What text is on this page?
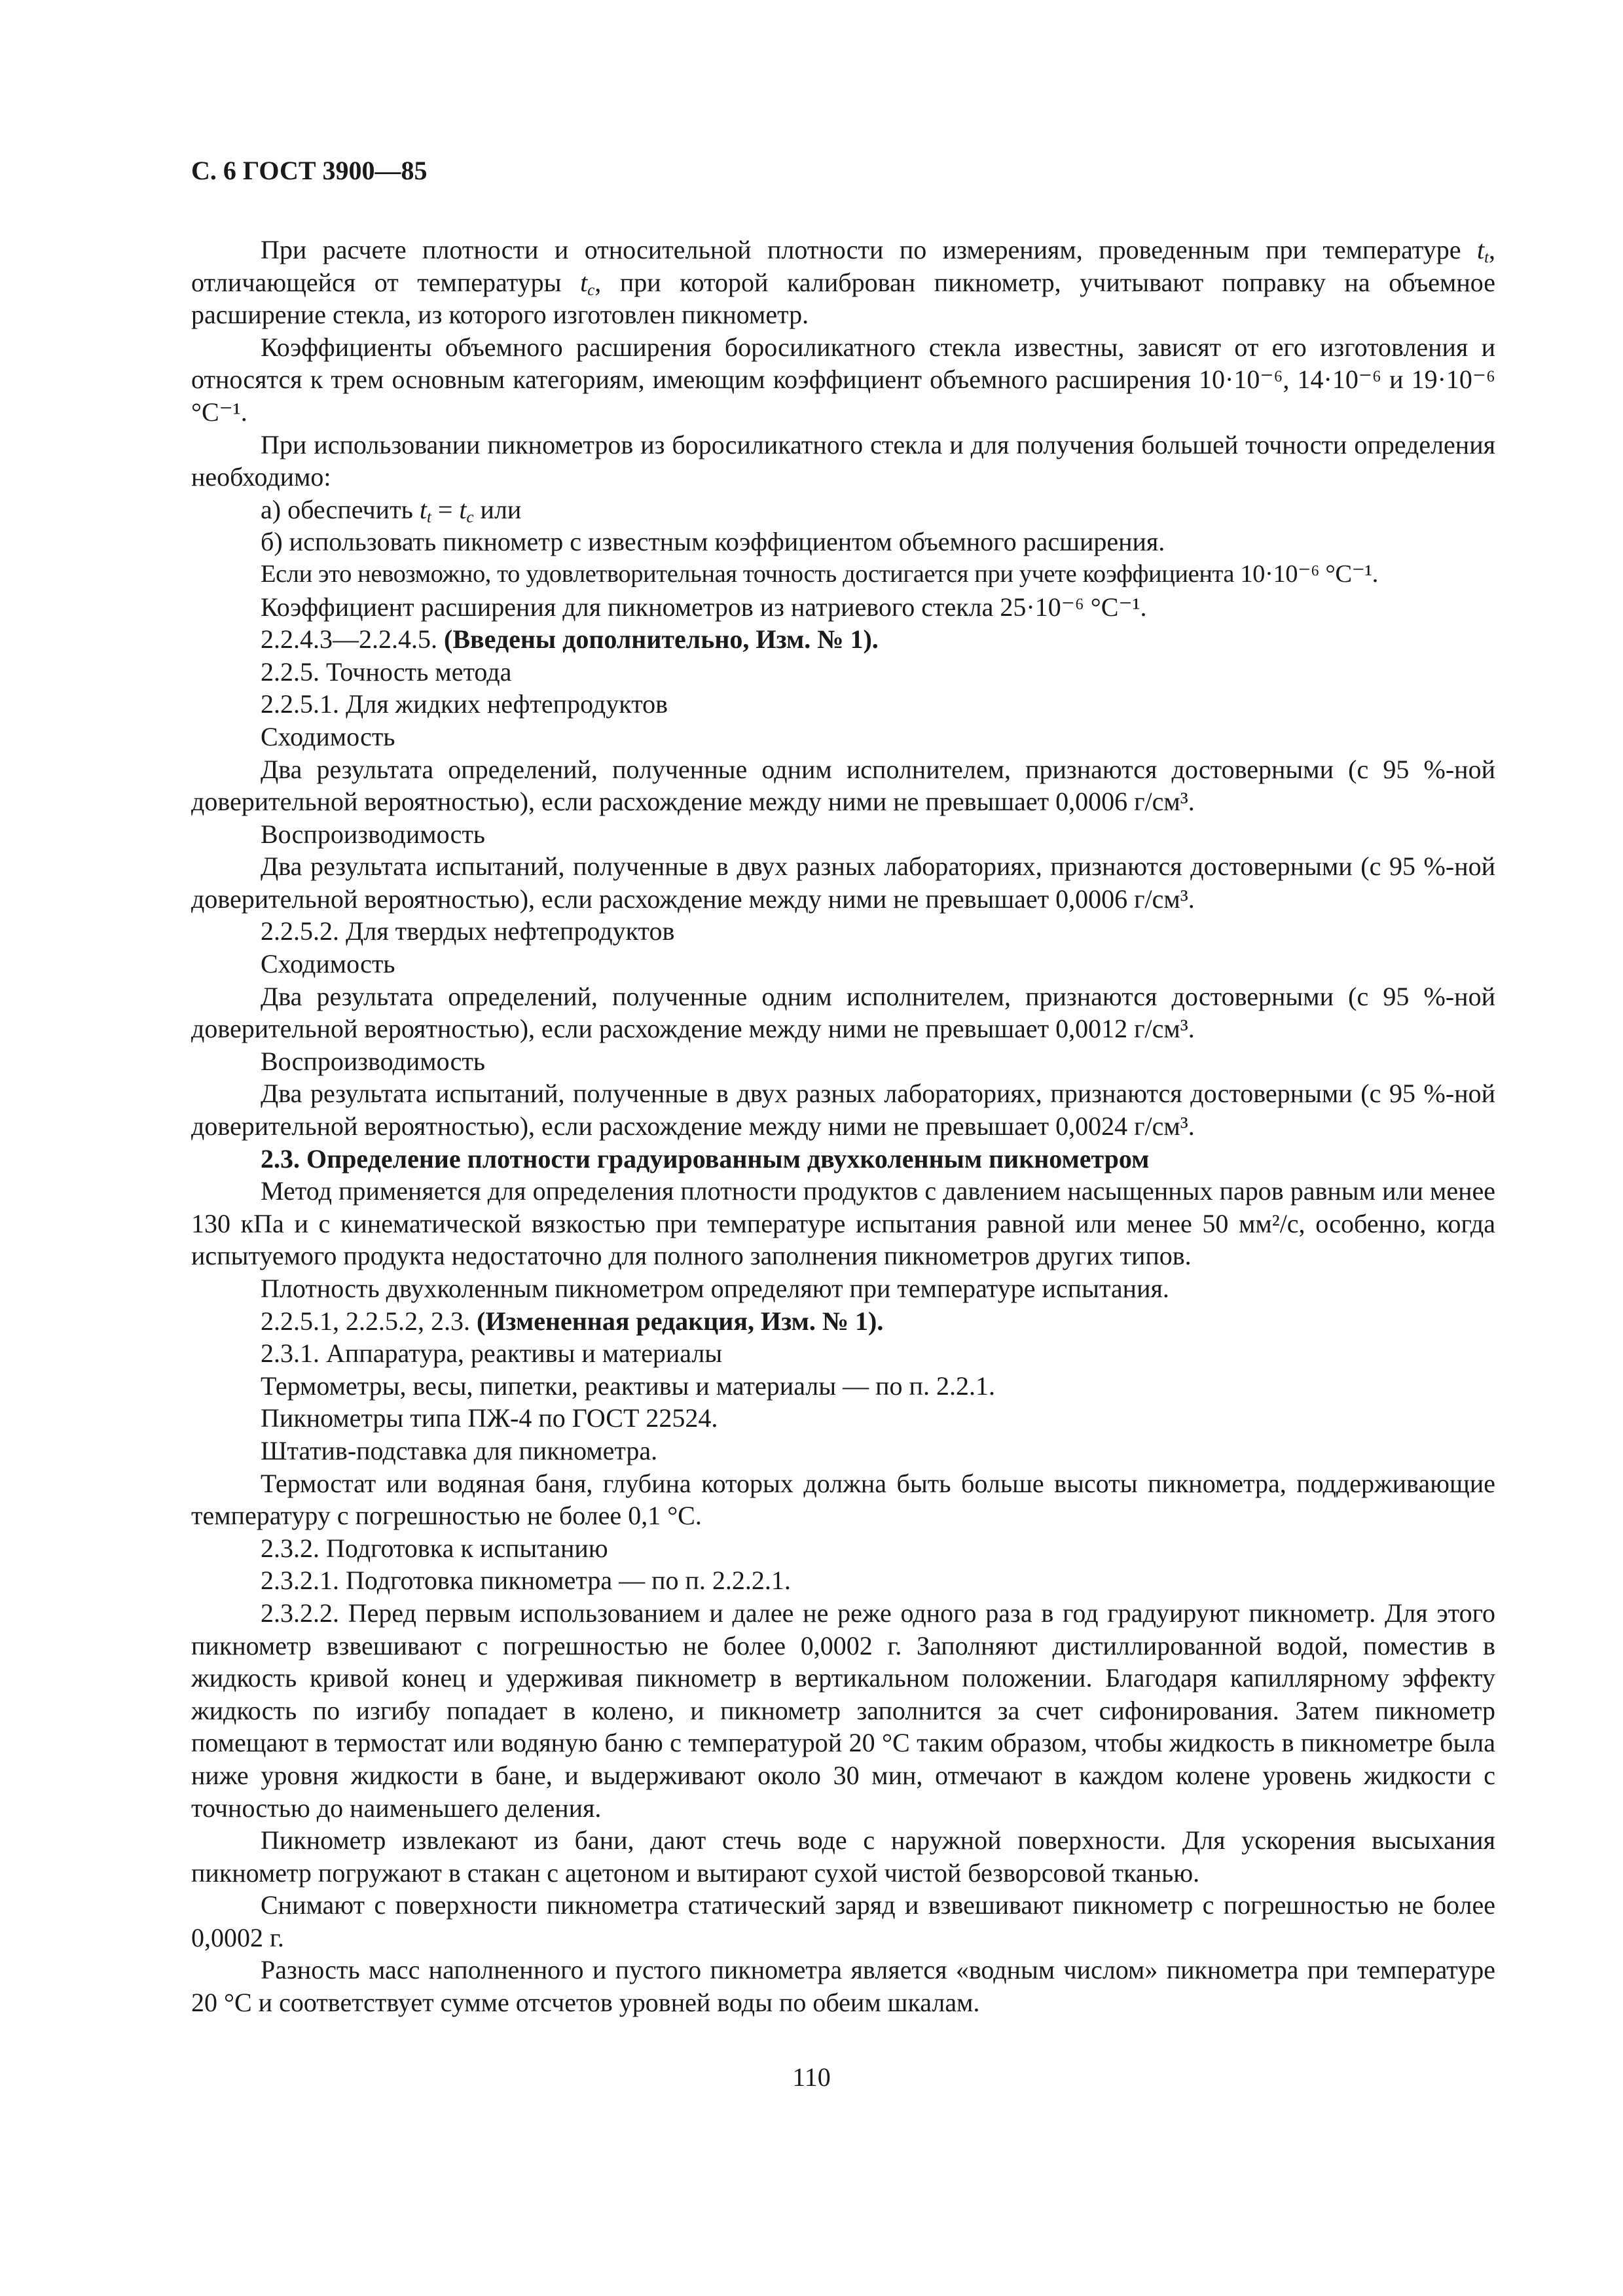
С. 6 ГОСТ 3900—85

При расчете плотности и относительной плотности по измерениям, проведенным при температуре $t_t$, отличающейся от температуры $t_c$, при которой калиброван пикнометр, учитывают поправку на объемное расширение стекла, из которого изготовлен пикнометр.

Коэффициенты объемного расширения боросиликатного стекла известны, зависят от его изготовления и относятся к трем основным категориям, имеющим коэффициент объемного расширения 10·10⁻⁶, 14·10⁻⁶ и 19·10⁻⁶ °С⁻¹.

При использовании пикнометров из боросиликатного стекла и для получения большей точности определения необходимо:

а) обеспечить $t_t = t_c$ или

б) использовать пикнометр с известным коэффициентом объемного расширения.

Если это невозможно, то удовлетворительная точность достигается при учете коэффициента 10·10⁻⁶ °С⁻¹.

Коэффициент расширения для пикнометров из натриевого стекла 25·10⁻⁶ °С⁻¹.

2.2.4.3—2.2.4.5. (Введены дополнительно, Изм. № 1).

2.2.5. Точность метода

2.2.5.1. Для жидких нефтепродуктов

Сходимость

Два результата определений, полученные одним исполнителем, признаются достоверными (с 95 %-ной доверительной вероятностью), если расхождение между ними не превышает 0,0006 г/см³.

Воспроизводимость

Два результата испытаний, полученные в двух разных лабораториях, признаются достоверными (с 95 %-ной доверительной вероятностью), если расхождение между ними не превышает 0,0006 г/см³.

2.2.5.2. Для твердых нефтепродуктов

Сходимость

Два результата определений, полученные одним исполнителем, признаются достоверными (с 95 %-ной доверительной вероятностью), если расхождение между ними не превышает 0,0012 г/см³.

Воспроизводимость

Два результата испытаний, полученные в двух разных лабораториях, признаются достоверными (с 95 %-ной доверительной вероятностью), если расхождение между ними не превышает 0,0024 г/см³.

2.3. Определение плотности градуированным двухколенным пикнометром

Метод применяется для определения плотности продуктов с давлением насыщенных паров равным или менее 130 кПа и с кинематической вязкостью при температуре испытания равной или менее 50 мм²/с, особенно, когда испытуемого продукта недостаточно для полного заполнения пикнометров других типов.

Плотность двухколенным пикнометром определяют при температуре испытания.

2.2.5.1, 2.2.5.2, 2.3. (Измененная редакция, Изм. № 1).

2.3.1. Аппаратура, реактивы и материалы

Термометры, весы, пипетки, реактивы и материалы — по п. 2.2.1.

Пикнометры типа ПЖ-4 по ГОСТ 22524.

Штатив-подставка для пикнометра.

Термостат или водяная баня, глубина которых должна быть больше высоты пикнометра, поддерживающие температуру с погрешностью не более 0,1 °С.

2.3.2. Подготовка к испытанию

2.3.2.1. Подготовка пикнометра — по п. 2.2.2.1.

2.3.2.2. Перед первым использованием и далее не реже одного раза в год градуируют пикнометр. Для этого пикнометр взвешивают с погрешностью не более 0,0002 г. Заполняют дистиллированной водой, поместив в жидкость кривой конец и удерживая пикнометр в вертикальном положении. Благодаря капиллярному эффекту жидкость по изгибу попадает в колено, и пикнометр заполнится за счет сифонирования. Затем пикнометр помещают в термостат или водяную баню с температурой 20 °С таким образом, чтобы жидкость в пикнометре была ниже уровня жидкости в бане, и выдерживают около 30 мин, отмечают в каждом колене уровень жидкости с точностью до наименьшего деления.

Пикнометр извлекают из бани, дают стечь воде с наружной поверхности. Для ускорения высыхания пикнометр погружают в стакан с ацетоном и вытирают сухой чистой безворсовой тканью.

Снимают с поверхности пикнометра статический заряд и взвешивают пикнометр с погрешностью не более 0,0002 г.

Разность масс наполненного и пустого пикнометра является «водным числом» пикнометра при температуре 20 °С и соответствует сумме отсчетов уровней воды по обеим шкалам.

110
